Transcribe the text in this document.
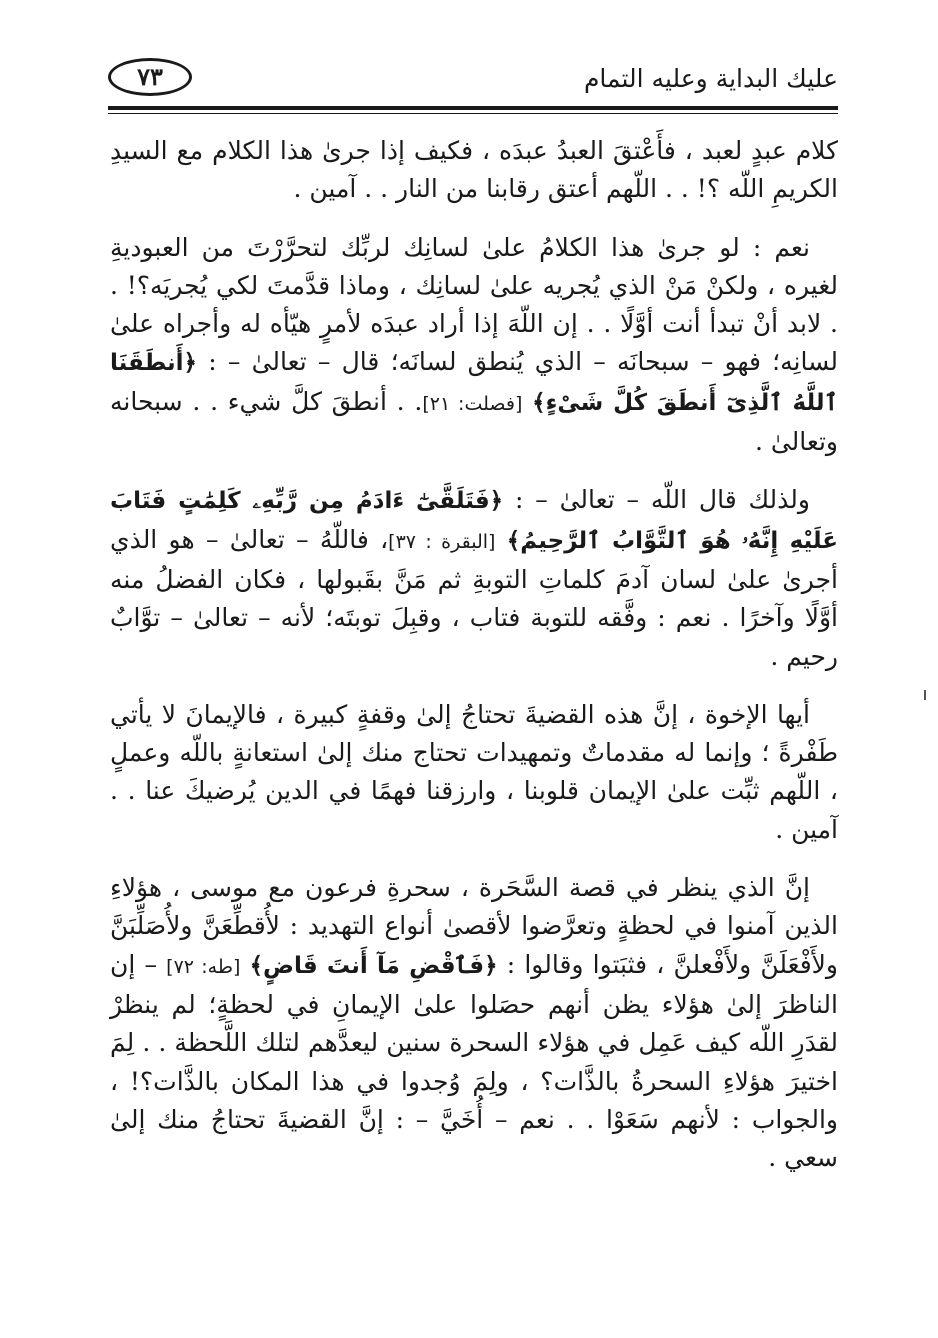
عليك البداية وعليه التمام
٧٣

كلام عبدٍ لعبد ، فأَعْتقَ العبدُ عبدَه ، فكيف إذا جرىٰ هذا الكلام مع السيدِ الكريمِ اللّه ؟! . . اللّهم أعتق رقابنا من النار . . آمين .

نعم : لو جرىٰ هذا الكلامُ علىٰ لسانِك لربِّك لتحرَّرْتَ من العبوديةِ لغيره ، ولكنْ مَنْ الذي يُجريه علىٰ لسانِك ، وماذا قدَّمتَ لكي يُجريَه؟! . . لابد أنْ تبدأ أنت أوَّلًا . . إن اللّهَ إذا أراد عبدَه لأمرٍ هيّأه له وأجراه علىٰ لسانِه؛ فهو – سبحانَه – الذي يُنطق لسانَه؛ قال – تعالىٰ – : ﴿أَنطَقَنَا ٱللَّهُ ٱلَّذِىٓ أَنطَقَ كُلَّ شَىْءٍ﴾ [فصلت: ٢١]. . أنطقَ كلَّ شيء . . سبحانه وتعالىٰ .

ولذلك قال اللّه – تعالىٰ – : ﴿فَتَلَقَّىٰٓ ءَادَمُ مِن رَّبِّهِۦ كَلِمَٰتٍ فَتَابَ عَلَيْهِ إِنَّهُۥ هُوَ ٱلتَّوَّابُ ٱلرَّحِيمُ﴾ [البقرة : ٣٧]، فاللّهُ – تعالىٰ – هو الذي أجرىٰ علىٰ لسان آدمَ كلماتِ التوبةِ ثم مَنَّ بقَبولها ، فكان الفضلُ منه أوَّلًا وآخرًا . نعم : وفَّقه للتوبة فتاب ، وقبِلَ توبتَه؛ لأنه – تعالىٰ – توَّابٌ رحيم .

أيها الإخوة ، إنَّ هذه القضيةَ تحتاجُ إلىٰ وقفةٍ كبيرة ، فالإيمانَ لا يأتي طَفْرةً ؛ وإنما له مقدماتٌ وتمهيدات تحتاج منك إلىٰ استعانةٍ باللّه وعملٍ ، اللّهم ثبِّت علىٰ الإيمان قلوبنا ، وارزقنا فهمًا في الدين يُرضيكَ عنا . . آمين .

إنَّ الذي ينظر في قصة السَّحَرة ، سحرةِ فرعون مع موسى ، هؤلاءِ الذين آمنوا في لحظةٍ وتعرَّضوا لأقصىٰ أنواع التهديد : لأُقطِّعَنَّ ولأُصَلِّبَنَّ ولأَفْعَلَنَّ ولأَفْعلنَّ ، فثبَتوا وقالوا : ﴿فَٱقْضِ مَآ أَنتَ قَاضٍ﴾ [طه: ٧٢] – إن الناظرَ إلىٰ هؤلاء يظن أنهم حصَلوا علىٰ الإيمانِ في لحظةٍ؛ لم ينظرْ لقدَرِ اللّه كيف عَمِل في هؤلاء السحرة سنين ليعدَّهم لتلك اللَّحظة . . لِمَ اختيرَ هؤلاءِ السحرةُ بالذَّات؟ ، ولِمَ وُجدوا في هذا المكان بالذَّات؟! ، والجواب : لأنهم سَعَوْا . . نعم – أُخَيَّ – : إنَّ القضيةَ تحتاجُ منك إلىٰ سعي .
